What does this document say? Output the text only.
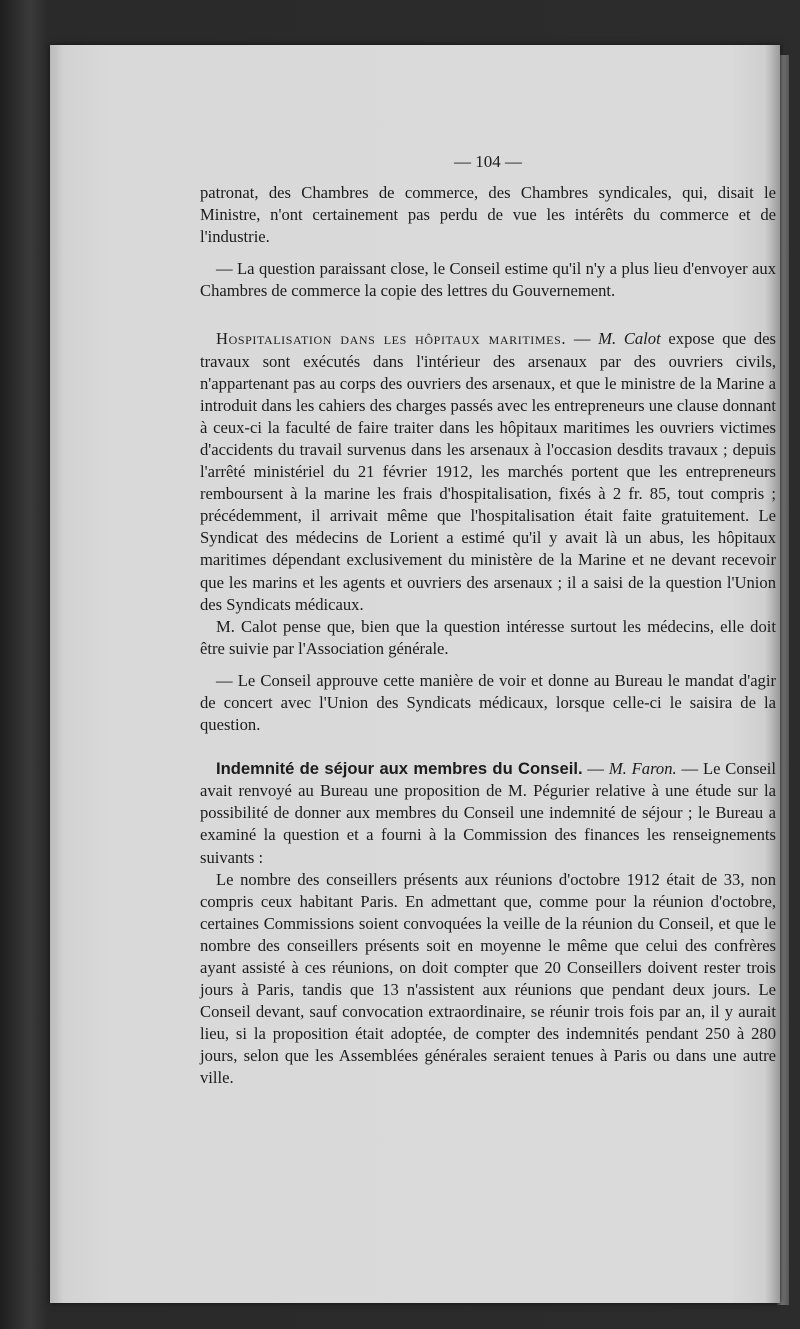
— 104 —

patronat, des Chambres de commerce, des Chambres syndicales, qui, disait le Ministre, n'ont certainement pas perdu de vue les intérêts du commerce et de l'industrie.

— La question paraissant close, le Conseil estime qu'il n'y a plus lieu d'envoyer aux Chambres de commerce la copie des lettres du Gouvernement.

Hospitalisation dans les hôpitaux maritimes. — M. Calot expose que des travaux sont exécutés dans l'intérieur des arsenaux par des ouvriers civils, n'appartenant pas au corps des ouvriers des arsenaux, et que le ministre de la Marine a introduit dans les cahiers des charges passés avec les entrepreneurs une clause donnant à ceux-ci la faculté de faire traiter dans les hôpitaux maritimes les ouvriers victimes d'accidents du travail survenus dans les arsenaux à l'occasion desdits travaux ; depuis l'arrêté ministériel du 21 février 1912, les marchés portent que les entrepreneurs remboursent à la marine les frais d'hospitalisation, fixés à 2 fr. 85, tout compris ; précédemment, il arrivait même que l'hospitalisation était faite gratuitement. Le Syndicat des médecins de Lorient a estimé qu'il y avait là un abus, les hôpitaux maritimes dépendant exclusivement du ministère de la Marine et ne devant recevoir que les marins et les agents et ouvriers des arsenaux ; il a saisi de la question l'Union des Syndicats médicaux.

M. Calot pense que, bien que la question intéresse surtout les médecins, elle doit être suivie par l'Association générale.

— Le Conseil approuve cette manière de voir et donne au Bureau le mandat d'agir de concert avec l'Union des Syndicats médicaux, lorsque celle-ci le saisira de la question.

Indemnité de séjour aux membres du Conseil. — M. Faron. — Le Conseil avait renvoyé au Bureau une proposition de M. Pégurier relative à une étude sur la possibilité de donner aux membres du Conseil une indemnité de séjour ; le Bureau a examiné la question et a fourni à la Commission des finances les renseignements suivants :

Le nombre des conseillers présents aux réunions d'octobre 1912 était de 33, non compris ceux habitant Paris. En admettant que, comme pour la réunion d'octobre, certaines Commissions soient convoquées la veille de la réunion du Conseil, et que le nombre des conseillers présents soit en moyenne le même que celui des confrères ayant assisté à ces réunions, on doit compter que 20 Conseillers doivent rester trois jours à Paris, tandis que 13 n'assistent aux réunions que pendant deux jours. Le Conseil devant, sauf convocation extraordinaire, se réunir trois fois par an, il y aurait lieu, si la proposition était adoptée, de compter des indemnités pendant 250 à 280 jours, selon que les Assemblées générales seraient tenues à Paris ou dans une autre ville.
